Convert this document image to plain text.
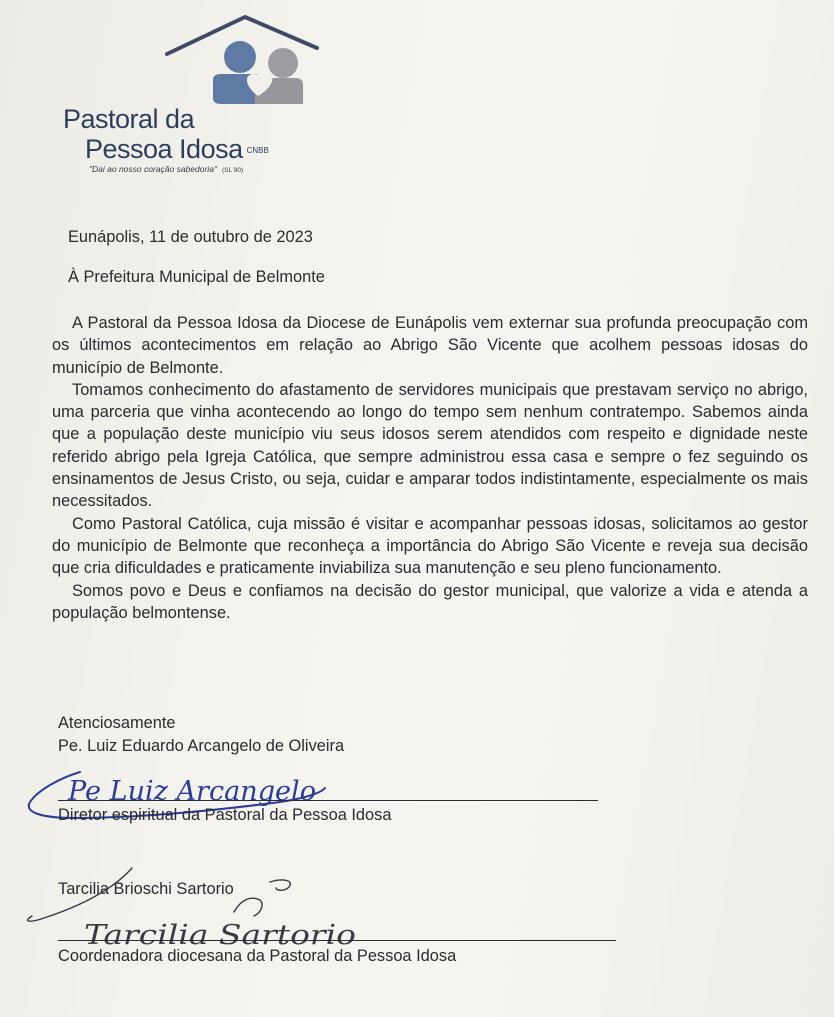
Pastoral da
Pessoa Idosa CNBB
"Dai ao nosso coração sabedoria" (SL 90)
Eunápolis, 11 de outubro de 2023
À Prefeitura Municipal de Belmonte

A Pastoral da Pessoa Idosa da Diocese de Eunápolis vem externar sua profunda preocupação com os últimos acontecimentos em relação ao Abrigo São Vicente que acolhem pessoas idosas do município de Belmonte.

Tomamos conhecimento do afastamento de servidores municipais que prestavam serviço no abrigo, uma parceria que vinha acontecendo ao longo do tempo sem nenhum contratempo. Sabemos ainda que a população deste município viu seus idosos serem atendidos com respeito e dignidade neste referido abrigo pela Igreja Católica, que sempre administrou essa casa e sempre o fez seguindo os ensinamentos de Jesus Cristo, ou seja, cuidar e amparar todos indistintamente, especialmente os mais necessitados.

Como Pastoral Católica, cuja missão é visitar e acompanhar pessoas idosas, solicitamos ao gestor do município de Belmonte que reconheça a importância do Abrigo São Vicente e reveja sua decisão que cria dificuldades e praticamente inviabiliza sua manutenção e seu pleno funcionamento.

Somos povo e Deus e confiamos na decisão do gestor municipal, que valorize a vida e atenda a população belmontense.

Atenciosamente
Pe. Luiz Eduardo Arcangelo de Oliveira
Pe Luiz Arcangelo
Diretor espiritual da Pastoral da Pessoa Idosa
Tarcilia Brioschi Sartorio
Tarcilia Sartorio
Coordenadora diocesana da Pastoral da Pessoa Idosa
